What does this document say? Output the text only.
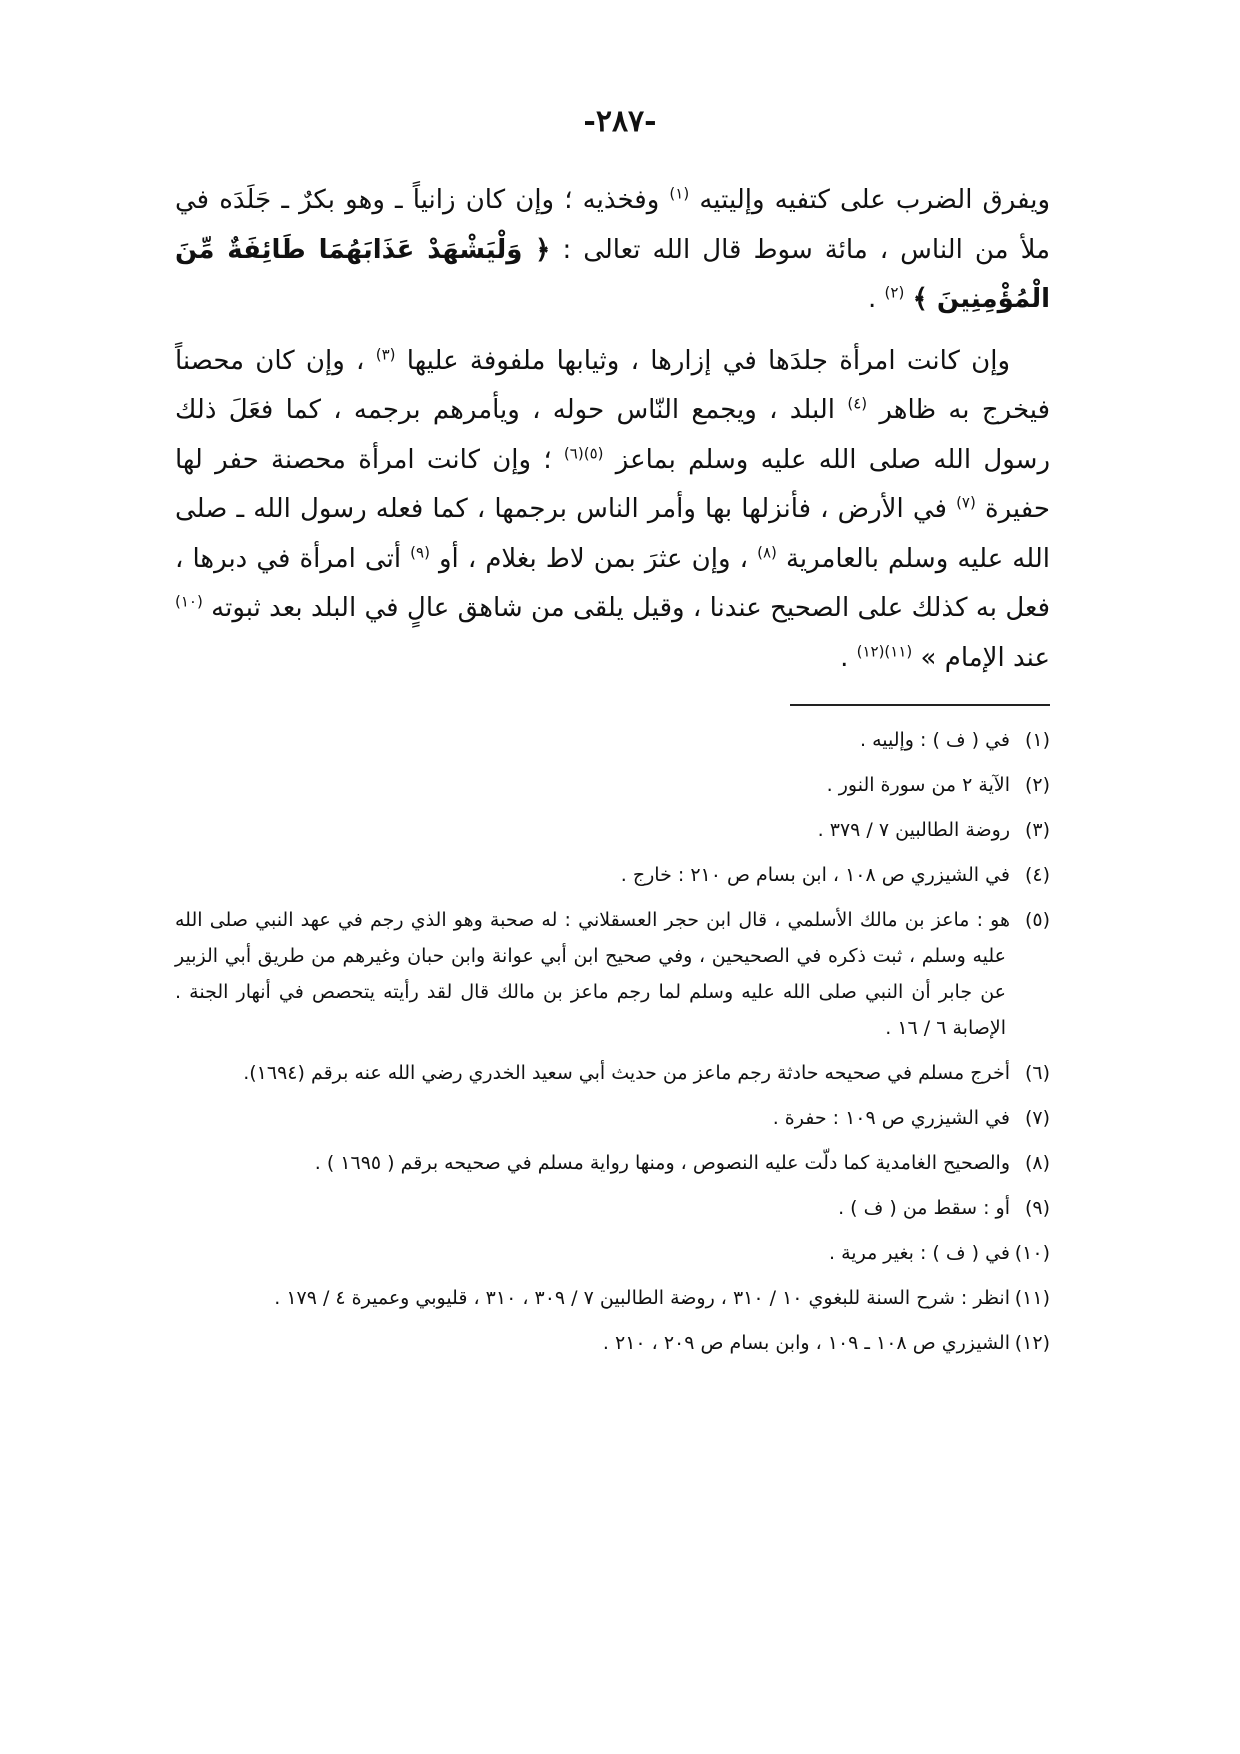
-٢٨٧-

ويفرق الضرب على كتفيه وإليتيه $^{(١)}$ وفخذيه ؛ وإن كان زانياً ـ وهو بكرٌ ـ جَلَدَه في ملأ من الناس ، مائة سوط قال الله تعالى : ﴿ وَلْيَشْهَدْ عَذَابَهُمَا طَائِفَةٌ مِّنَ الْمُؤْمِنِينَ ﴾ $^{(٢)}$ .

وإن كانت امرأة جلدَها في إزارها ، وثيابها ملفوفة عليها $^{(٣)}$ ، وإن كان محصناً فيخرج به ظاهر $^{(٤)}$ البلد ، ويجمع النّاس حوله ، ويأمرهم برجمه ، كما فعَلَ ذلك رسول الله صلى الله عليه وسلم بماعز $^{(٥)(٦)}$ ؛ وإن كانت امرأة محصنة حفر لها حفيرة $^{(٧)}$ في الأرض ، فأنزلها بها وأمر الناس برجمها ، كما فعله رسول الله ـ صلى الله عليه وسلم بالعامرية $^{(٨)}$ ، وإن عثرَ بمن لاط بغلام ، أو $^{(٩)}$ أتى امرأة في دبرها ، فعل به كذلك على الصحيح عندنا ، وقيل يلقى من شاهق عالٍ في البلد بعد ثبوته $^{(١٠)}$ عند الإمام » $^{(١١)(١٢)}$ .

(١)في ( ف ) : وإلييه .

(٢)الآية ٢ من سورة النور .

(٣)روضة الطالبين ٧ / ٣٧٩ .

(٤)في الشيزري ص ١٠٨ ، ابن بسام ص ٢١٠ : خارج .

(٥)هو : ماعز بن مالك الأسلمي ، قال ابن حجر العسقلاني : له صحبة وهو الذي رجم في عهد النبي صلى الله عليه وسلم ، ثبت ذكره في الصحيحين ، وفي صحيح ابن أبي عوانة وابن حبان وغيرهم من طريق أبي الزبير عن جابر أن النبي صلى الله عليه وسلم لما رجم ماعز بن مالك قال لقد رأيته يتحصص في أنهار الجنة . الإصابة ٦ / ١٦ .

(٦)أخرج مسلم في صحيحه حادثة رجم ماعز من حديث أبي سعيد الخدري رضي الله عنه برقم (١٦٩٤).

(٧)في الشيزري ص ١٠٩ : حفرة .

(٨)والصحيح الغامدية كما دلّت عليه النصوص ، ومنها رواية مسلم في صحيحه برقم ( ١٦٩٥ ) .

(٩)أو : سقط من ( ف ) .

(١٠)في ( ف ) : بغير مرية .

(١١)انظر : شرح السنة للبغوي ١٠ / ٣١٠ ، روضة الطالبين ٧ / ٣٠٩ ، ٣١٠ ، قليوبي وعميرة ٤ / ١٧٩ .

(١٢)الشيزري ص ١٠٨ ـ ١٠٩ ، وابن بسام ص ٢٠٩ ، ٢١٠ .
